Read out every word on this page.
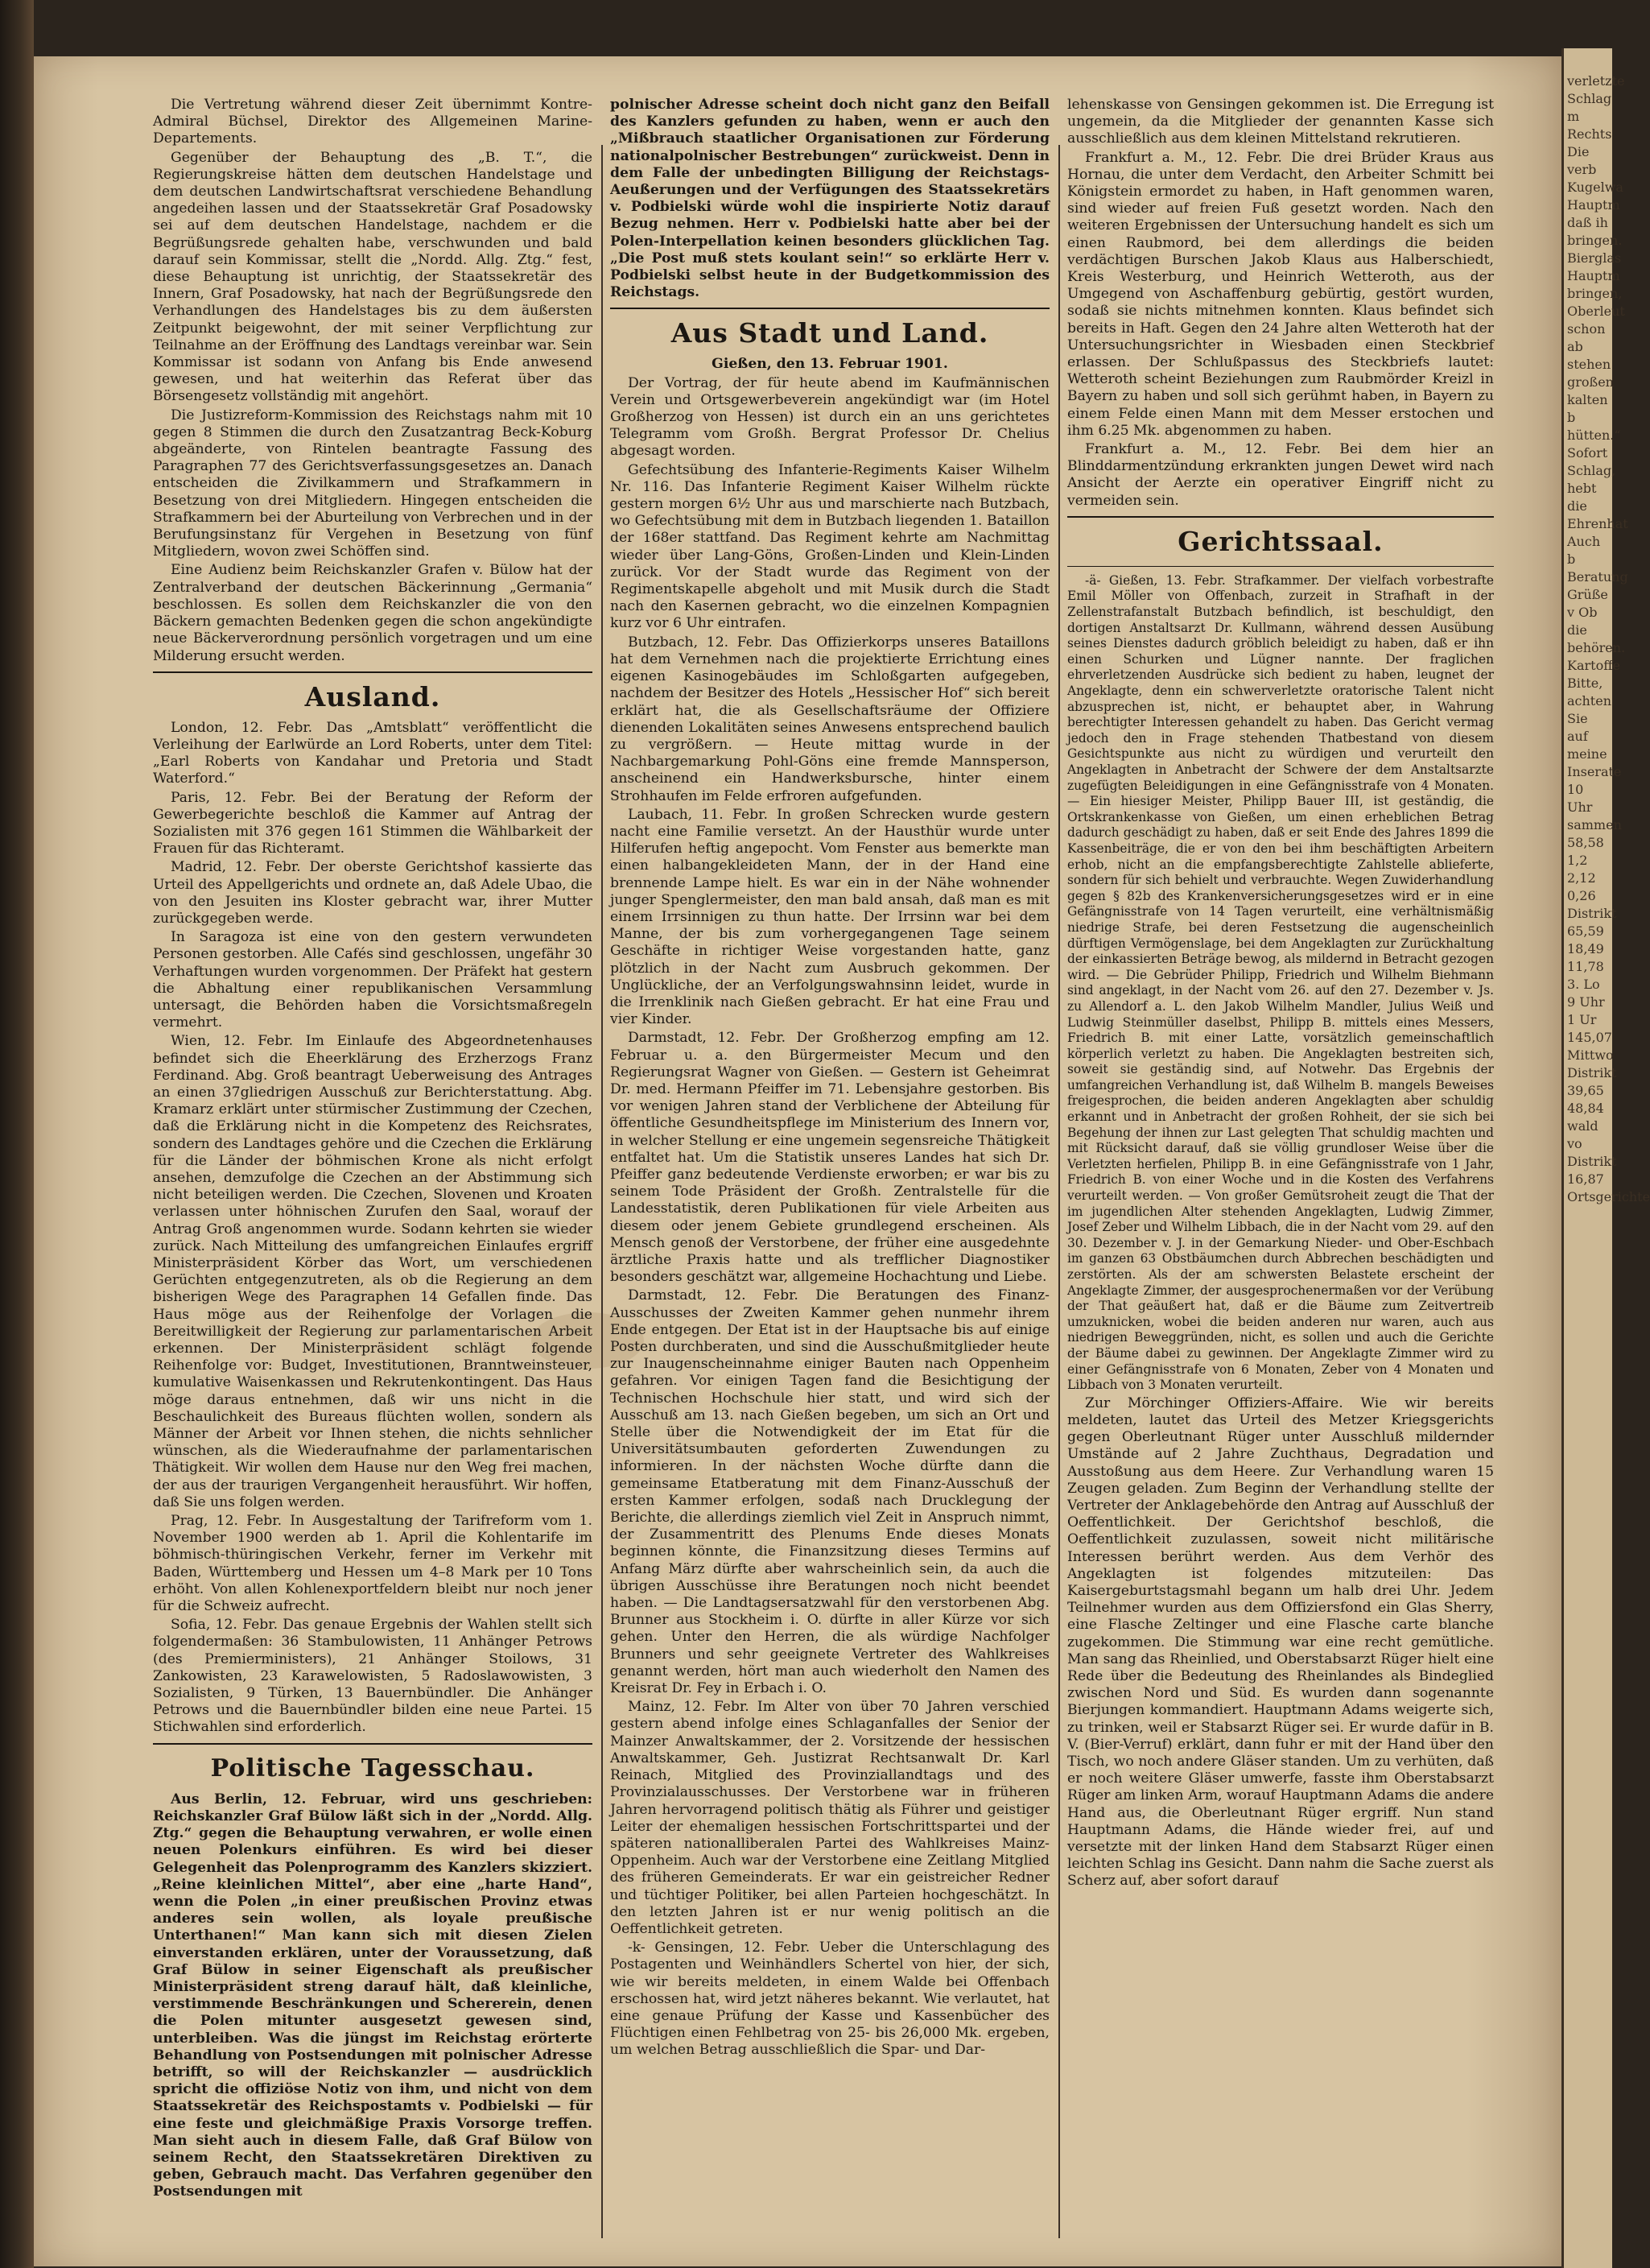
verletzte Schlag m Rechts Die verb Kugelwa Hauptm daß ih bringen. Bierglas Hauptm bringen, Oberleut schon ab stehen großen kalten b hütten.“ Sofort Schlag, hebt die Ehrenhat Auch b Beratung Grüße v Ob die behören. Kartoffe Bitte, achten Sie auf meine Inserate 10 Uhr sammen 58,58 1,2 2,12 0,26 Distrikt 65,59 18,49 11,78 3. Lo 9 Uhr 1 Ur 145,07 Mittwo Distrikt 39,65 48,84 wald vo Distrikt 16,87 Ortsgerichte

Die Vertretung während dieser Zeit übernimmt Kontre-Admiral Büchsel, Direktor des Allgemeinen Marine-Departements.

Gegenüber der Behauptung des „B. T.“, die Regierungskreise hätten dem deutschen Handelstage und dem deutschen Landwirtschaftsrat verschiedene Behandlung angedeihen lassen und der Staatssekretär Graf Posadowsky sei auf dem deutschen Handelstage, nachdem er die Begrüßungsrede gehalten habe, verschwunden und bald darauf sein Kommissar, stellt die „Nordd. Allg. Ztg.“ fest, diese Behauptung ist unrichtig, der Staatssekretär des Innern, Graf Posadowsky, hat nach der Begrüßungsrede den Verhandlungen des Handelstages bis zu dem äußersten Zeitpunkt beigewohnt, der mit seiner Verpflichtung zur Teilnahme an der Eröffnung des Landtags vereinbar war. Sein Kommissar ist sodann von Anfang bis Ende anwesend gewesen, und hat weiterhin das Referat über das Börsengesetz vollständig mit angehört.

Die Justizreform-Kommission des Reichstags nahm mit 10 gegen 8 Stimmen die durch den Zusatzantrag Beck-Koburg abgeänderte, von Rintelen beantragte Fassung des Paragraphen 77 des Gerichtsverfassungsgesetzes an. Danach entscheiden die Zivilkammern und Strafkammern in Besetzung von drei Mitgliedern. Hingegen entscheiden die Strafkammern bei der Aburteilung von Verbrechen und in der Berufungsinstanz für Vergehen in Besetzung von fünf Mitgliedern, wovon zwei Schöffen sind.

Eine Audienz beim Reichskanzler Grafen v. Bülow hat der Zentralverband der deutschen Bäckerinnung „Germania“ beschlossen. Es sollen dem Reichskanzler die von den Bäckern gemachten Bedenken gegen die schon angekündigte neue Bäckerverordnung persönlich vorgetragen und um eine Milderung ersucht werden.

Ausland.

London, 12. Febr. Das „Amtsblatt“ veröffentlicht die Verleihung der Earlwürde an Lord Roberts, unter dem Titel: „Earl Roberts von Kandahar und Pretoria und Stadt Waterford.“

Paris, 12. Febr. Bei der Beratung der Reform der Gewerbegerichte beschloß die Kammer auf Antrag der Sozialisten mit 376 gegen 161 Stimmen die Wählbarkeit der Frauen für das Richteramt.

Madrid, 12. Febr. Der oberste Gerichtshof kassierte das Urteil des Appellgerichts und ordnete an, daß Adele Ubao, die von den Jesuiten ins Kloster gebracht war, ihrer Mutter zurückgegeben werde.

In Saragoza ist eine von den gestern verwundeten Personen gestorben. Alle Cafés sind geschlossen, ungefähr 30 Verhaftungen wurden vorgenommen. Der Präfekt hat gestern die Abhaltung einer republikanischen Versammlung untersagt, die Behörden haben die Vorsichtsmaßregeln vermehrt.

Wien, 12. Febr. Im Einlaufe des Abgeordnetenhauses befindet sich die Eheerklärung des Erzherzogs Franz Ferdinand. Abg. Groß beantragt Ueberweisung des Antrages an einen 37gliedrigen Ausschuß zur Berichterstattung. Abg. Kramarz erklärt unter stürmischer Zustimmung der Czechen, daß die Erklärung nicht in die Kompetenz des Reichsrates, sondern des Landtages gehöre und die Czechen die Erklärung für die Länder der böhmischen Krone als nicht erfolgt ansehen, demzufolge die Czechen an der Abstimmung sich nicht beteiligen werden. Die Czechen, Slovenen und Kroaten verlassen unter höhnischen Zurufen den Saal, worauf der Antrag Groß angenommen wurde. Sodann kehrten sie wieder zurück. Nach Mitteilung des umfangreichen Einlaufes ergriff Ministerpräsident Körber das Wort, um verschiedenen Gerüchten entgegenzutreten, als ob die Regierung an dem bisherigen Wege des Paragraphen 14 Gefallen finde. Das Haus möge aus der Reihenfolge der Vorlagen die Bereitwilligkeit der Regierung zur parlamentarischen Arbeit erkennen. Der Ministerpräsident schlägt folgende Reihenfolge vor: Budget, Investitutionen, Branntweinsteuer, kumulative Waisenkassen und Rekrutenkontingent. Das Haus möge daraus entnehmen, daß wir uns nicht in die Beschaulichkeit des Bureaus flüchten wollen, sondern als Männer der Arbeit vor Ihnen stehen, die nichts sehnlicher wünschen, als die Wiederaufnahme der parlamentarischen Thätigkeit. Wir wollen dem Hause nur den Weg frei machen, der aus der traurigen Vergangenheit herausführt. Wir hoffen, daß Sie uns folgen werden.

Prag, 12. Febr. In Ausgestaltung der Tarifreform vom 1. November 1900 werden ab 1. April die Kohlentarife im böhmisch-thüringischen Verkehr, ferner im Verkehr mit Baden, Württemberg und Hessen um 4–8 Mark per 10 Tons erhöht. Von allen Kohlenexportfeldern bleibt nur noch jener für die Schweiz aufrecht.

Sofia, 12. Febr. Das genaue Ergebnis der Wahlen stellt sich folgendermaßen: 36 Stambulowisten, 11 Anhänger Petrows (des Premierministers), 21 Anhänger Stoilows, 31 Zankowisten, 23 Karawelowisten, 5 Radoslawowisten, 3 Sozialisten, 9 Türken, 13 Bauernbündler. Die Anhänger Petrows und die Bauernbündler bilden eine neue Partei. 15 Stichwahlen sind erforderlich.

Politische Tagesschau.

Aus Berlin, 12. Februar, wird uns geschrieben: Reichskanzler Graf Bülow läßt sich in der „Nordd. Allg. Ztg.“ gegen die Behauptung verwahren, er wolle einen neuen Polenkurs einführen. Es wird bei dieser Gelegenheit das Polenprogramm des Kanzlers skizziert. „Reine kleinlichen Mittel“, aber eine „harte Hand“, wenn die Polen „in einer preußischen Provinz etwas anderes sein wollen, als loyale preußische Unterthanen!“ Man kann sich mit diesen Zielen einverstanden erklären, unter der Voraussetzung, daß Graf Bülow in seiner Eigenschaft als preußischer Ministerpräsident streng darauf hält, daß kleinliche, verstimmende Beschränkungen und Schererein, denen die Polen mitunter ausgesetzt gewesen sind, unterbleiben. Was die jüngst im Reichstag erörterte Behandlung von Postsendungen mit polnischer Adresse betrifft, so will der Reichskanzler — ausdrücklich spricht die offiziöse Notiz von ihm, und nicht von dem Staatssekretär des Reichspostamts v. Podbielski — für eine feste und gleichmäßige Praxis Vorsorge treffen. Man sieht auch in diesem Falle, daß Graf Bülow von seinem Recht, den Staatssekretären Direktiven zu geben, Gebrauch macht. Das Verfahren gegenüber den Postsendungen mit

polnischer Adresse scheint doch nicht ganz den Beifall des Kanzlers gefunden zu haben, wenn er auch den „Mißbrauch staatlicher Organisationen zur Förderung nationalpolnischer Bestrebungen“ zurückweist. Denn in dem Falle der unbedingten Billigung der Reichstags-Aeußerungen und der Verfügungen des Staatssekretärs v. Podbielski würde wohl die inspirierte Notiz darauf Bezug nehmen. Herr v. Podbielski hatte aber bei der Polen-Interpellation keinen besonders glücklichen Tag. „Die Post muß stets koulant sein!“ so erklärte Herr v. Podbielski selbst heute in der Budgetkommission des Reichstags.

Aus Stadt und Land.

Gießen, den 13. Februar 1901.

Der Vortrag, der für heute abend im Kaufmännischen Verein und Ortsgewerbeverein angekündigt war (im Hotel Großherzog von Hessen) ist durch ein an uns gerichtetes Telegramm vom Großh. Bergrat Professor Dr. Chelius abgesagt worden.

Gefechtsübung des Infanterie-Regiments Kaiser Wilhelm Nr. 116. Das Infanterie Regiment Kaiser Wilhelm rückte gestern morgen 6½ Uhr aus und marschierte nach Butzbach, wo Gefechtsübung mit dem in Butzbach liegenden 1. Bataillon der 168er stattfand. Das Regiment kehrte am Nachmittag wieder über Lang-Göns, Großen-Linden und Klein-Linden zurück. Vor der Stadt wurde das Regiment von der Regimentskapelle abgeholt und mit Musik durch die Stadt nach den Kasernen gebracht, wo die einzelnen Kompagnien kurz vor 6 Uhr eintrafen.

Butzbach, 12. Febr. Das Offizierkorps unseres Bataillons hat dem Vernehmen nach die projektierte Errichtung eines eigenen Kasinogebäudes im Schloßgarten aufgegeben, nachdem der Besitzer des Hotels „Hessischer Hof“ sich bereit erklärt hat, die als Gesellschaftsräume der Offiziere dienenden Lokalitäten seines Anwesens entsprechend baulich zu vergrößern. — Heute mittag wurde in der Nachbargemarkung Pohl-Göns eine fremde Mannsperson, anscheinend ein Handwerksbursche, hinter einem Strohhaufen im Felde erfroren aufgefunden.

Laubach, 11. Febr. In großen Schrecken wurde gestern nacht eine Familie versetzt. An der Hausthür wurde unter Hilferufen heftig angepocht. Vom Fenster aus bemerkte man einen halbangekleideten Mann, der in der Hand eine brennende Lampe hielt. Es war ein in der Nähe wohnender junger Spenglermeister, den man bald ansah, daß man es mit einem Irrsinnigen zu thun hatte. Der Irrsinn war bei dem Manne, der bis zum vorhergegangenen Tage seinem Geschäfte in richtiger Weise vorgestanden hatte, ganz plötzlich in der Nacht zum Ausbruch gekommen. Der Unglückliche, der an Verfolgungswahnsinn leidet, wurde in die Irrenklinik nach Gießen gebracht. Er hat eine Frau und vier Kinder.

Darmstadt, 12. Febr. Der Großherzog empfing am 12. Februar u. a. den Bürgermeister Mecum und den Regierungsrat Wagner von Gießen. — Gestern ist Geheimrat Dr. med. Hermann Pfeiffer im 71. Lebensjahre gestorben. Bis vor wenigen Jahren stand der Verblichene der Abteilung für öffentliche Gesundheitspflege im Ministerium des Innern vor, in welcher Stellung er eine ungemein segensreiche Thätigkeit entfaltet hat. Um die Statistik unseres Landes hat sich Dr. Pfeiffer ganz bedeutende Verdienste erworben; er war bis zu seinem Tode Präsident der Großh. Zentralstelle für die Landesstatistik, deren Publikationen für viele Arbeiten aus diesem oder jenem Gebiete grundlegend erscheinen. Als Mensch genoß der Verstorbene, der früher eine ausgedehnte ärztliche Praxis hatte und als trefflicher Diagnostiker besonders geschätzt war, allgemeine Hochachtung und Liebe.

Darmstadt, 12. Febr. Die Beratungen des Finanz-Ausschusses der Zweiten Kammer gehen nunmehr ihrem Ende entgegen. Der Etat ist in der Hauptsache bis auf einige Posten durchberaten, und sind die Ausschußmitglieder heute zur Inaugenscheinnahme einiger Bauten nach Oppenheim gefahren. Vor einigen Tagen fand die Besichtigung der Technischen Hochschule hier statt, und wird sich der Ausschuß am 13. nach Gießen begeben, um sich an Ort und Stelle über die Notwendigkeit der im Etat für die Universitätsumbauten geforderten Zuwendungen zu informieren. In der nächsten Woche dürfte dann die gemeinsame Etatberatung mit dem Finanz-Ausschuß der ersten Kammer erfolgen, sodaß nach Drucklegung der Berichte, die allerdings ziemlich viel Zeit in Anspruch nimmt, der Zusammentritt des Plenums Ende dieses Monats beginnen könnte, die Finanzsitzung dieses Termins auf Anfang März dürfte aber wahrscheinlich sein, da auch die übrigen Ausschüsse ihre Beratungen noch nicht beendet haben. — Die Landtagsersatzwahl für den verstorbenen Abg. Brunner aus Stockheim i. O. dürfte in aller Kürze vor sich gehen. Unter den Herren, die als würdige Nachfolger Brunners und sehr geeignete Vertreter des Wahlkreises genannt werden, hört man auch wiederholt den Namen des Kreisrat Dr. Fey in Erbach i. O.

Mainz, 12. Febr. Im Alter von über 70 Jahren verschied gestern abend infolge eines Schlaganfalles der Senior der Mainzer Anwaltskammer, der 2. Vorsitzende der hessischen Anwaltskammer, Geh. Justizrat Rechtsanwalt Dr. Karl Reinach, Mitglied des Provinziallandtags und des Provinzialausschusses. Der Verstorbene war in früheren Jahren hervorragend politisch thätig als Führer und geistiger Leiter der ehemaligen hessischen Fortschrittspartei und der späteren nationalliberalen Partei des Wahlkreises Mainz-Oppenheim. Auch war der Verstorbene eine Zeitlang Mitglied des früheren Gemeinderats. Er war ein geistreicher Redner und tüchtiger Politiker, bei allen Parteien hochgeschätzt. In den letzten Jahren ist er nur wenig politisch an die Oeffentlichkeit getreten.

-k- Gensingen, 12. Febr. Ueber die Unterschlagung des Postagenten und Weinhändlers Schertel von hier, der sich, wie wir bereits meldeten, in einem Walde bei Offenbach erschossen hat, wird jetzt näheres bekannt. Wie verlautet, hat eine genaue Prüfung der Kasse und Kassenbücher des Flüchtigen einen Fehlbetrag von 25- bis 26,000 Mk. ergeben, um welchen Betrag ausschließlich die Spar- und Dar-

lehenskasse von Gensingen gekommen ist. Die Erregung ist ungemein, da die Mitglieder der genannten Kasse sich ausschließlich aus dem kleinen Mittelstand rekrutieren.

Frankfurt a. M., 12. Febr. Die drei Brüder Kraus aus Hornau, die unter dem Verdacht, den Arbeiter Schmitt bei Königstein ermordet zu haben, in Haft genommen waren, sind wieder auf freien Fuß gesetzt worden. Nach den weiteren Ergebnissen der Untersuchung handelt es sich um einen Raubmord, bei dem allerdings die beiden verdächtigen Burschen Jakob Klaus aus Halberschiedt, Kreis Westerburg, und Heinrich Wetteroth, aus der Umgegend von Aschaffenburg gebürtig, gestört wurden, sodaß sie nichts mitnehmen konnten. Klaus befindet sich bereits in Haft. Gegen den 24 Jahre alten Wetteroth hat der Untersuchungsrichter in Wiesbaden einen Steckbrief erlassen. Der Schlußpassus des Steckbriefs lautet: Wetteroth scheint Beziehungen zum Raubmörder Kreizl in Bayern zu haben und soll sich gerühmt haben, in Bayern zu einem Felde einen Mann mit dem Messer erstochen und ihm 6.25 Mk. abgenommen zu haben.

Frankfurt a. M., 12. Febr. Bei dem hier an Blinddarmentzündung erkrankten jungen Dewet wird nach Ansicht der Aerzte ein operativer Eingriff nicht zu vermeiden sein.

Gerichtssaal.

-ä- Gießen, 13. Febr. Strafkammer. Der vielfach vorbestrafte Emil Möller von Offenbach, zurzeit in Strafhaft in der Zellenstrafanstalt Butzbach befindlich, ist beschuldigt, den dortigen Anstaltsarzt Dr. Kullmann, während dessen Ausübung seines Dienstes dadurch gröblich beleidigt zu haben, daß er ihn einen Schurken und Lügner nannte. Der fraglichen ehrverletzenden Ausdrücke sich bedient zu haben, leugnet der Angeklagte, denn ein schwerverletzte oratorische Talent nicht abzusprechen ist, nicht, er behauptet aber, in Wahrung berechtigter Interessen gehandelt zu haben. Das Gericht vermag jedoch den in Frage stehenden Thatbestand von diesem Gesichtspunkte aus nicht zu würdigen und verurteilt den Angeklagten in Anbetracht der Schwere der dem Anstaltsarzte zugefügten Beleidigungen in eine Gefängnisstrafe von 4 Monaten. — Ein hiesiger Meister, Philipp Bauer III, ist geständig, die Ortskrankenkasse von Gießen, um einen erheblichen Betrag dadurch geschädigt zu haben, daß er seit Ende des Jahres 1899 die Kassenbeiträge, die er von den bei ihm beschäftigten Arbeitern erhob, nicht an die empfangsberechtigte Zahlstelle ablieferte, sondern für sich behielt und verbrauchte. Wegen Zuwiderhandlung gegen § 82b des Krankenversicherungsgesetzes wird er in eine Gefängnisstrafe von 14 Tagen verurteilt, eine verhältnismäßig niedrige Strafe, bei deren Festsetzung die augenscheinlich dürftigen Vermögenslage, bei dem Angeklagten zur Zurückhaltung der einkassierten Beträge bewog, als mildernd in Betracht gezogen wird. — Die Gebrüder Philipp, Friedrich und Wilhelm Biehmann sind angeklagt, in der Nacht vom 26. auf den 27. Dezember v. Js. zu Allendorf a. L. den Jakob Wilhelm Mandler, Julius Weiß und Ludwig Steinmüller daselbst, Philipp B. mittels eines Messers, Friedrich B. mit einer Latte, vorsätzlich gemeinschaftlich körperlich verletzt zu haben. Die Angeklagten bestreiten sich, soweit sie geständig sind, auf Notwehr. Das Ergebnis der umfangreichen Verhandlung ist, daß Wilhelm B. mangels Beweises freigesprochen, die beiden anderen Angeklagten aber schuldig erkannt und in Anbetracht der großen Rohheit, der sie sich bei Begehung der ihnen zur Last gelegten That schuldig machten und mit Rücksicht darauf, daß sie völlig grundloser Weise über die Verletzten herfielen, Philipp B. in eine Gefängnisstrafe von 1 Jahr, Friedrich B. von einer Woche und in die Kosten des Verfahrens verurteilt werden. — Von großer Gemütsroheit zeugt die That der im jugendlichen Alter stehenden Angeklagten, Ludwig Zimmer, Josef Zeber und Wilhelm Libbach, die in der Nacht vom 29. auf den 30. Dezember v. J. in der Gemarkung Nieder- und Ober-Eschbach im ganzen 63 Obstbäumchen durch Abbrechen beschädigten und zerstörten. Als der am schwersten Belastete erscheint der Angeklagte Zimmer, der ausgesprochenermaßen vor der Verübung der That geäußert hat, daß er die Bäume zum Zeitvertreib umzuknicken, wobei die beiden anderen nur waren, auch aus niedrigen Beweggründen, nicht, es sollen und auch die Gerichte der Bäume dabei zu gewinnen. Der Angeklagte Zimmer wird zu einer Gefängnisstrafe von 6 Monaten, Zeber von 4 Monaten und Libbach von 3 Monaten verurteilt.

Zur Mörchinger Offiziers-Affaire. Wie wir bereits meldeten, lautet das Urteil des Metzer Kriegsgerichts gegen Oberleutnant Rüger unter Ausschluß mildernder Umstände auf 2 Jahre Zuchthaus, Degradation und Ausstoßung aus dem Heere. Zur Verhandlung waren 15 Zeugen geladen. Zum Beginn der Verhandlung stellte der Vertreter der Anklagebehörde den Antrag auf Ausschluß der Oeffentlichkeit. Der Gerichtshof beschloß, die Oeffentlichkeit zuzulassen, soweit nicht militärische Interessen berührt werden. Aus dem Verhör des Angeklagten ist folgendes mitzuteilen: Das Kaisergeburtstagsmahl begann um halb drei Uhr. Jedem Teilnehmer wurden aus dem Offiziersfond ein Glas Sherry, eine Flasche Zeltinger und eine Flasche carte blanche zugekommen. Die Stimmung war eine recht gemütliche. Man sang das Rheinlied, und Oberstabsarzt Rüger hielt eine Rede über die Bedeutung des Rheinlandes als Bindeglied zwischen Nord und Süd. Es wurden dann sogenannte Bierjungen kommandiert. Hauptmann Adams weigerte sich, zu trinken, weil er Stabsarzt Rüger sei. Er wurde dafür in B. V. (Bier-Verruf) erklärt, dann fuhr er mit der Hand über den Tisch, wo noch andere Gläser standen. Um zu verhüten, daß er noch weitere Gläser umwerfe, fasste ihm Oberstabsarzt Rüger am linken Arm, worauf Hauptmann Adams die andere Hand aus, die Oberleutnant Rüger ergriff. Nun stand Hauptmann Adams, die Hände wieder frei, auf und versetzte mit der linken Hand dem Stabsarzt Rüger einen leichten Schlag ins Gesicht. Dann nahm die Sache zuerst als Scherz auf, aber sofort darauf
